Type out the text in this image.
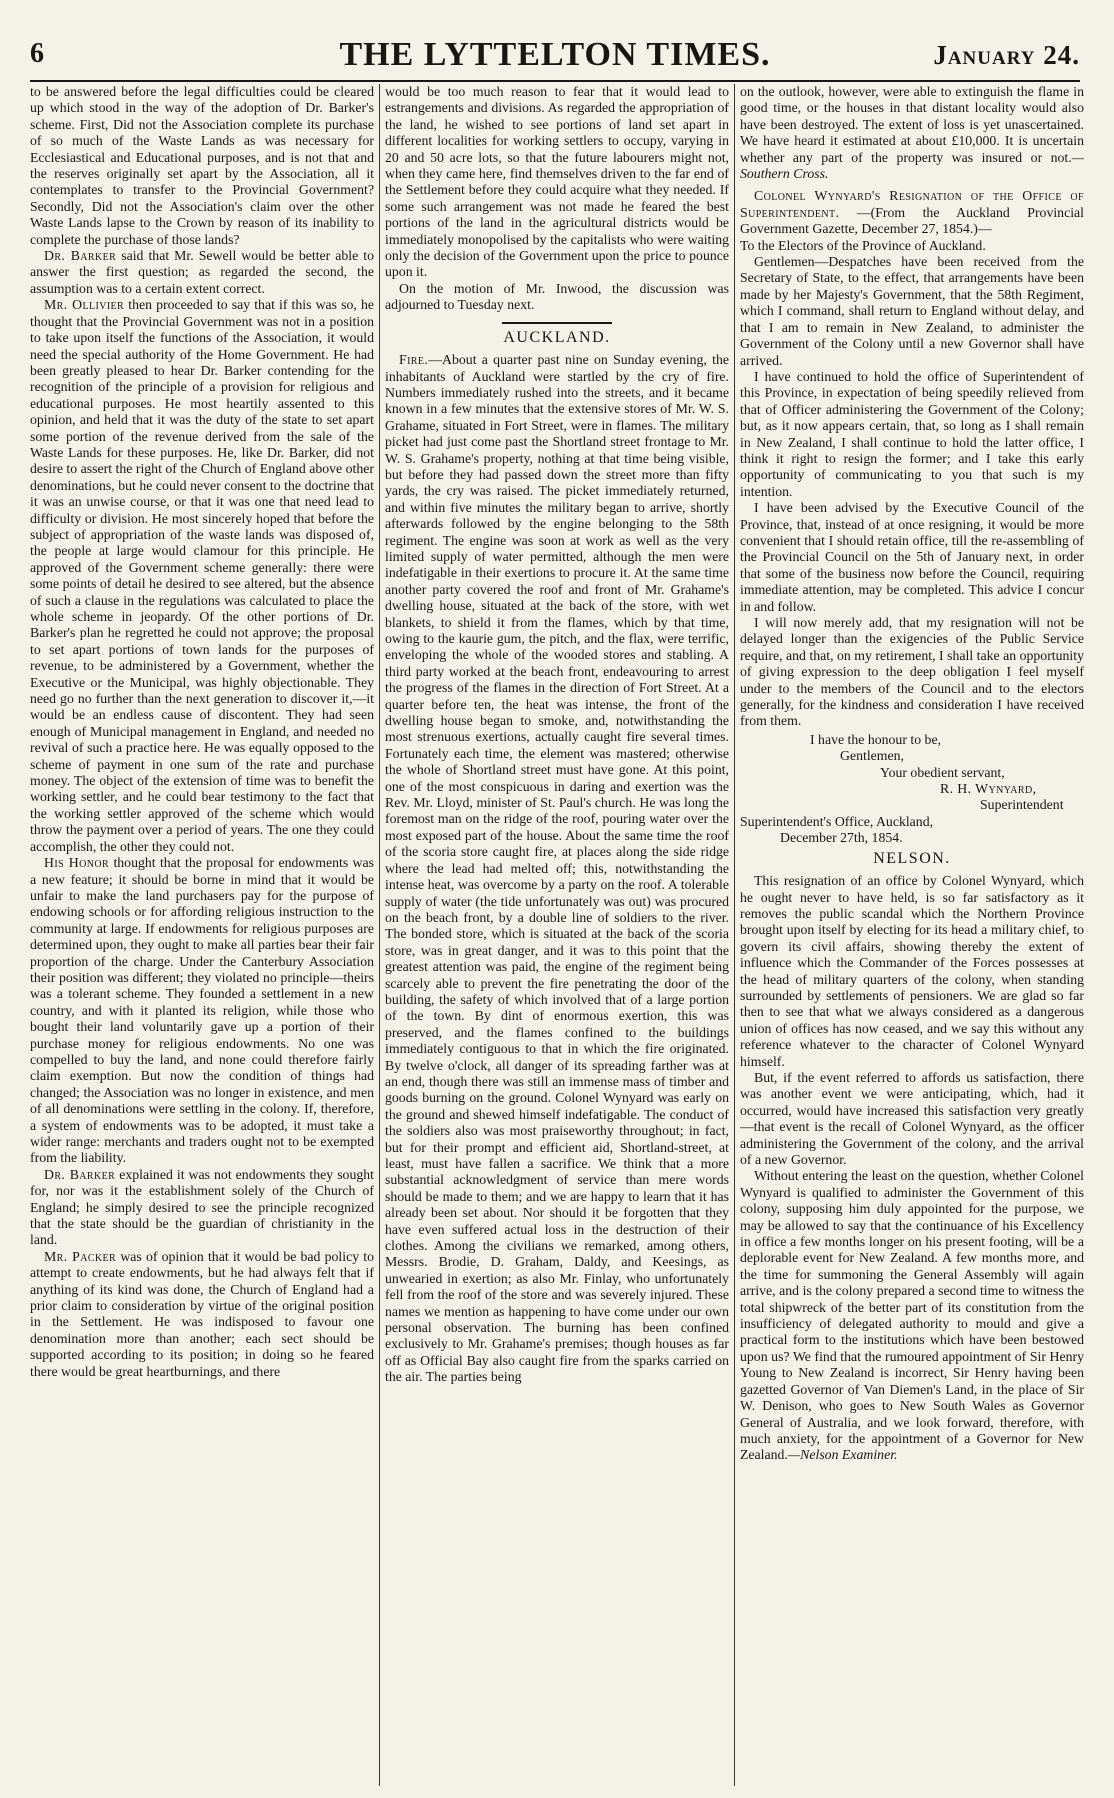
6	THE LYTTELTON TIMES.	January 24.

to be answered before the legal difficulties could be cleared up which stood in the way of the adoption of Dr. Barker's scheme. First, Did not the Association complete its purchase of so much of the Waste Lands as was necessary for Ecclesiastical and Educational purposes, and is not that and the reserves originally set apart by the Association, all it contemplates to transfer to the Provincial Government? Secondly, Did not the Association's claim over the other Waste Lands lapse to the Crown by reason of its inability to complete the purchase of those lands?

Dr. Barker said that Mr. Sewell would be better able to answer the first question; as regarded the second, the assumption was to a certain extent correct.

Mr. Ollivier then proceeded to say that if this was so, he thought that the Provincial Government was not in a position to take upon itself the functions of the Association, it would need the special authority of the Home Government. He had been greatly pleased to hear Dr. Barker contending for the recognition of the principle of a provision for religious and educational purposes. He most heartily assented to this opinion, and held that it was the duty of the state to set apart some portion of the revenue derived from the sale of the Waste Lands for these purposes. He, like Dr. Barker, did not desire to assert the right of the Church of England above other denominations, but he could never consent to the doctrine that it was an unwise course, or that it was one that need lead to difficulty or division. He most sincerely hoped that before the subject of appropriation of the waste lands was disposed of, the people at large would clamour for this principle. He approved of the Government scheme generally: there were some points of detail he desired to see altered, but the absence of such a clause in the regulations was calculated to place the whole scheme in jeopardy. Of the other portions of Dr. Barker's plan he regretted he could not approve; the proposal to set apart portions of town lands for the purposes of revenue, to be administered by a Government, whether the Executive or the Municipal, was highly objectionable. They need go no further than the next generation to discover it,—it would be an endless cause of discontent. They had seen enough of Municipal management in England, and needed no revival of such a practice here. He was equally opposed to the scheme of payment in one sum of the rate and purchase money. The object of the extension of time was to benefit the working settler, and he could bear testimony to the fact that the working settler approved of the scheme which would throw the payment over a period of years. The one they could accomplish, the other they could not.

His Honor thought that the proposal for endowments was a new feature; it should be borne in mind that it would be unfair to make the land purchasers pay for the purpose of endowing schools or for affording religious instruction to the community at large. If endowments for religious purposes are determined upon, they ought to make all parties bear their fair proportion of the charge. Under the Canterbury Association their position was different; they violated no principle—theirs was a tolerant scheme. They founded a settlement in a new country, and with it planted its religion, while those who bought their land voluntarily gave up a portion of their purchase money for religious endowments. No one was compelled to buy the land, and none could therefore fairly claim exemption. But now the condition of things had changed; the Association was no longer in existence, and men of all denominations were settling in the colony. If, therefore, a system of endowments was to be adopted, it must take a wider range: merchants and traders ought not to be exempted from the liability.

Dr. Barker explained it was not endowments they sought for, nor was it the establishment solely of the Church of England; he simply desired to see the principle recognized that the state should be the guardian of christianity in the land.

Mr. Packer was of opinion that it would be bad policy to attempt to create endowments, but he had always felt that if anything of its kind was done, the Church of England had a prior claim to consideration by virtue of the original position in the Settlement. He was indisposed to favour one denomination more than another; each sect should be supported according to its position; in doing so he feared there would be great heartburnings, and there

would be too much reason to fear that it would lead to estrangements and divisions. As regarded the appropriation of the land, he wished to see portions of land set apart in different localities for working settlers to occupy, varying in 20 and 50 acre lots, so that the future labourers might not, when they came here, find themselves driven to the far end of the Settlement before they could acquire what they needed. If some such arrangement was not made he feared the best portions of the land in the agricultural districts would be immediately monopolised by the capitalists who were waiting only the decision of the Government upon the price to pounce upon it.

On the motion of Mr. Inwood, the discussion was adjourned to Tuesday next.

AUCKLAND.

Fire.—About a quarter past nine on Sunday evening, the inhabitants of Auckland were startled by the cry of fire. Numbers immediately rushed into the streets, and it became known in a few minutes that the extensive stores of Mr. W. S. Grahame, situated in Fort Street, were in flames. The military picket had just come past the Shortland street frontage to Mr. W. S. Grahame's property, nothing at that time being visible, but before they had passed down the street more than fifty yards, the cry was raised. The picket immediately returned, and within five minutes the military began to arrive, shortly afterwards followed by the engine belonging to the 58th regiment. The engine was soon at work as well as the very limited supply of water permitted, although the men were indefatigable in their exertions to procure it. At the same time another party covered the roof and front of Mr. Grahame's dwelling house, situated at the back of the store, with wet blankets, to shield it from the flames, which by that time, owing to the kaurie gum, the pitch, and the flax, were terrific, enveloping the whole of the wooded stores and stabling. A third party worked at the beach front, endeavouring to arrest the progress of the flames in the direction of Fort Street. At a quarter before ten, the heat was intense, the front of the dwelling house began to smoke, and, notwithstanding the most strenuous exertions, actually caught fire several times. Fortunately each time, the element was mastered; otherwise the whole of Shortland street must have gone. At this point, one of the most conspicuous in daring and exertion was the Rev. Mr. Lloyd, minister of St. Paul's church. He was long the foremost man on the ridge of the roof, pouring water over the most exposed part of the house. About the same time the roof of the scoria store caught fire, at places along the side ridge where the lead had melted off; this, notwithstanding the intense heat, was overcome by a party on the roof. A tolerable supply of water (the tide unfortunately was out) was procured on the beach front, by a double line of soldiers to the river. The bonded store, which is situated at the back of the scoria store, was in great danger, and it was to this point that the greatest attention was paid, the engine of the regiment being scarcely able to prevent the fire penetrating the door of the building, the safety of which involved that of a large portion of the town. By dint of enormous exertion, this was preserved, and the flames confined to the buildings immediately contiguous to that in which the fire originated. By twelve o'clock, all danger of its spreading farther was at an end, though there was still an immense mass of timber and goods burning on the ground. Colonel Wynyard was early on the ground and shewed himself indefatigable. The conduct of the soldiers also was most praiseworthy throughout; in fact, but for their prompt and efficient aid, Shortland-street, at least, must have fallen a sacrifice. We think that a more substantial acknowledgment of service than mere words should be made to them; and we are happy to learn that it has already been set about. Nor should it be forgotten that they have even suffered actual loss in the destruction of their clothes. Among the civilians we remarked, among others, Messrs. Brodie, D. Graham, Daldy, and Keesings, as unwearied in exertion; as also Mr. Finlay, who unfortunately fell from the roof of the store and was severely injured. These names we mention as happening to have come under our own personal observation. The burning has been confined exclusively to Mr. Grahame's premises; though houses as far off as Official Bay also caught fire from the sparks carried on the air. The parties being

on the outlook, however, were able to extinguish the flame in good time, or the houses in that distant locality would also have been destroyed. The extent of loss is yet unascertained. We have heard it estimated at about £10,000. It is uncertain whether any part of the property was insured or not.—Southern Cross.

Colonel Wynyard's Resignation of the Office of Superintendent. —(From the Auckland Provincial Government Gazette, December 27, 1854.)—

To the Electors of the Province of Auckland.

Gentlemen—Despatches have been received from the Secretary of State, to the effect, that arrangements have been made by her Majesty's Government, that the 58th Regiment, which I command, shall return to England without delay, and that I am to remain in New Zealand, to administer the Government of the Colony until a new Governor shall have arrived.

I have continued to hold the office of Superintendent of this Province, in expectation of being speedily relieved from that of Officer administering the Government of the Colony; but, as it now appears certain, that, so long as I shall remain in New Zealand, I shall continue to hold the latter office, I think it right to resign the former; and I take this early opportunity of communicating to you that such is my intention.

I have been advised by the Executive Council of the Province, that, instead of at once resigning, it would be more convenient that I should retain office, till the re-assembling of the Provincial Council on the 5th of January next, in order that some of the business now before the Council, requiring immediate attention, may be completed. This advice I concur in and follow.

I will now merely add, that my resignation will not be delayed longer than the exigencies of the Public Service require, and that, on my retirement, I shall take an opportunity of giving expression to the deep obligation I feel myself under to the members of the Council and to the electors generally, for the kindness and consideration I have received from them.

I have the honour to be,
Gentlemen,
Your obedient servant,
R. H. Wynyard,
Superintendent
Superintendent's Office, Auckland,
December 27th, 1854.
NELSON.

This resignation of an office by Colonel Wynyard, which he ought never to have held, is so far satisfactory as it removes the public scandal which the Northern Province brought upon itself by electing for its head a military chief, to govern its civil affairs, showing thereby the extent of influence which the Commander of the Forces possesses at the head of military quarters of the colony, when standing surrounded by settlements of pensioners. We are glad so far then to see that what we always considered as a dangerous union of offices has now ceased, and we say this without any reference whatever to the character of Colonel Wynyard himself.

But, if the event referred to affords us satisfaction, there was another event we were anticipating, which, had it occurred, would have increased this satisfaction very greatly—that event is the recall of Colonel Wynyard, as the officer administering the Government of the colony, and the arrival of a new Governor.

Without entering the least on the question, whether Colonel Wynyard is qualified to administer the Government of this colony, supposing him duly appointed for the purpose, we may be allowed to say that the continuance of his Excellency in office a few months longer on his present footing, will be a deplorable event for New Zealand. A few months more, and the time for summoning the General Assembly will again arrive, and is the colony prepared a second time to witness the total shipwreck of the better part of its constitution from the insufficiency of delegated authority to mould and give a practical form to the institutions which have been bestowed upon us? We find that the rumoured appointment of Sir Henry Young to New Zealand is incorrect, Sir Henry having been gazetted Governor of Van Diemen's Land, in the place of Sir W. Denison, who goes to New South Wales as Governor General of Australia, and we look forward, therefore, with much anxiety, for the appointment of a Governor for New Zealand.—Nelson Examiner.
